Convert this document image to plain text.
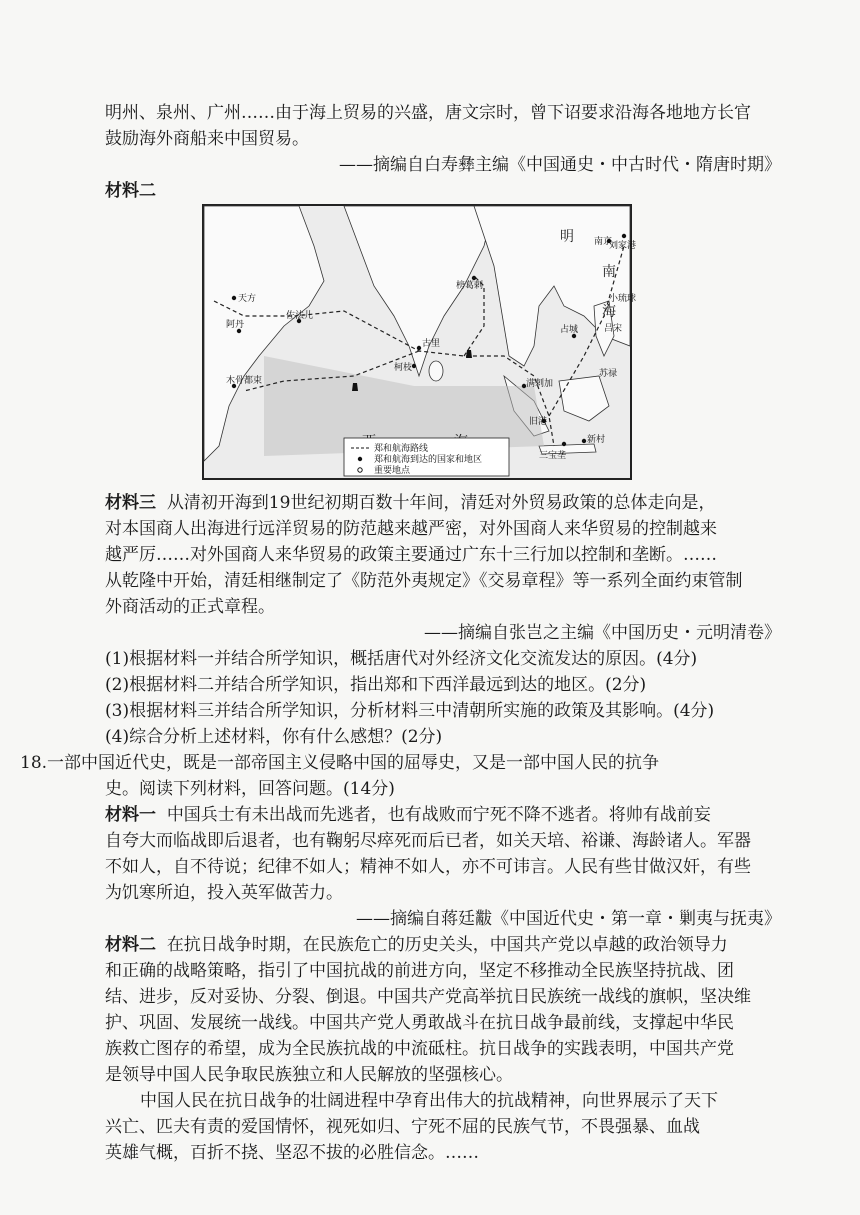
明州、泉州、广州……由于海上贸易的兴盛，唐文宗时，曾下诏要求沿海各地地方长官
鼓励海外商船来中国贸易。
——摘编自白寿彝主编《中国通史・中古时代・隋唐时期》
材料二
天方
阿丹
佐法儿
古里
柯枝
木骨都束
榜葛剌
满剌加
旧港
三宝垄
新村
占城
明 南京
刘家港
小琉球
吕宋
苏禄
南
海
郑和航海路线
郑和航海到达的国家和地区
重要地点
材料三 从清初开海到19世纪初期百数十年间，清廷对外贸易政策的总体走向是，
对本国商人出海进行远洋贸易的防范越来越严密，对外国商人来华贸易的控制越来
越严厉……对外国商人来华贸易的政策主要通过广东十三行加以控制和垄断。……
从乾隆中开始，清廷相继制定了《防范外夷规定》《交易章程》等一系列全面约束管制
外商活动的正式章程。
——摘编自张岂之主编《中国历史・元明清卷》
(1)根据材料一并结合所学知识，概括唐代对外经济文化交流发达的原因。(4分)
(2)根据材料二并结合所学知识，指出郑和下西洋最远到达的地区。(2分)
(3)根据材料三并结合所学知识，分析材料三中清朝所实施的政策及其影响。(4分)
(4)综合分析上述材料，你有什么感想？(2分)
18.一部中国近代史，既是一部帝国主义侵略中国的屈辱史，又是一部中国人民的抗争
史。阅读下列材料，回答问题。(14分)
材料一 中国兵士有未出战而先逃者，也有战败而宁死不降不逃者。将帅有战前妄
自夸大而临战即后退者，也有鞠躬尽瘁死而后已者，如关天培、裕谦、海龄诸人。军器
不如人，自不待说；纪律不如人；精神不如人，亦不可讳言。人民有些甘做汉奸，有些
为饥寒所迫，投入英军做苦力。
——摘编自蒋廷黻《中国近代史・第一章・剿夷与抚夷》
材料二 在抗日战争时期，在民族危亡的历史关头，中国共产党以卓越的政治领导力
和正确的战略策略，指引了中国抗战的前进方向，坚定不移推动全民族坚持抗战、团
结、进步，反对妥协、分裂、倒退。中国共产党高举抗日民族统一战线的旗帜，坚决维
护、巩固、发展统一战线。中国共产党人勇敢战斗在抗日战争最前线，支撑起中华民
族救亡图存的希望，成为全民族抗战的中流砥柱。抗日战争的实践表明，中国共产党
是领导中国人民争取民族独立和人民解放的坚强核心。
中国人民在抗日战争的壮阔进程中孕育出伟大的抗战精神，向世界展示了天下
兴亡、匹夫有责的爱国情怀，视死如归、宁死不屈的民族气节，不畏强暴、血战
英雄气概，百折不挠、坚忍不拔的必胜信念。……
